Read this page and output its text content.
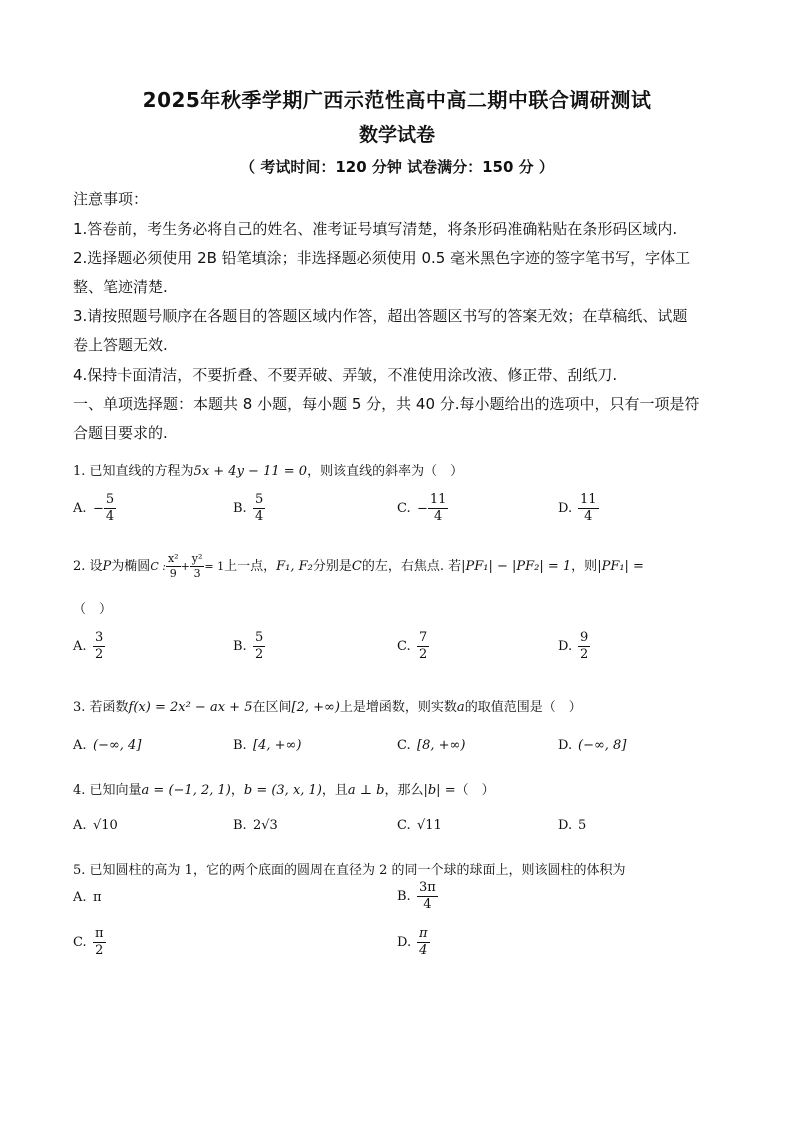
2025年秋季学期广西示范性高中高二期中联合调研测试
数学试卷
（ 考试时间：120 分钟 试卷满分：150 分 ）
注意事项：
1.答卷前，考生务必将自己的姓名、准考证号填写清楚，将条形码准确粘贴在条形码区域内.
2.选择题必须使用 2B 铅笔填涂；非选择题必须使用 0.5 毫米黑色字迹的签字笔书写，字体工
整、笔迹清楚.
3.请按照题号顺序在各题目的答题区域内作答，超出答题区书写的答案无效；在草稿纸、试题
卷上答题无效.
4.保持卡面清洁，不要折叠、不要弄破、弄皱，不准使用涂改液、修正带、刮纸刀.
一、单项选择题：本题共 8 小题，每小题 5 分，共 40 分.每小题给出的选项中，只有一项是符
合题目要求的.
1. 已知直线的方程为5x + 4y − 11 = 0，则该直线的斜率为（　）
A. − $\frac{5}{4}$	B. $\frac{5}{4}$	C. − $\frac{11}{4}$	D. $\frac{11}{4}$
2. 设P为椭圆C : $\frac{\text{x²}}{9} + \frac{\text{y²}}{3} = 1$上一点，F₁, F₂分别是C的左，右焦点. 若|PF₁| − |PF₂| = 1，则|PF₁| =
（　）
A. $\frac{3}{2}$	B. $\frac{5}{2}$	C. $\frac{7}{2}$	D. $\frac{9}{2}$
3. 若函数f(x) = 2x² − ax + 5在区间[2, +∞)上是增函数，则实数a的取值范围是（　）
A. (−∞, 4]	B. [4, +∞)	C. [8, +∞)	D. (−∞, 8]
4. 已知向量a = (−1, 2, 1)，b = (3, x, 1)，且a ⊥ b，那么|b| =（　）
A. √10	B. 2√3	C. √11	D. 5
5. 已知圆柱的高为 1，它的两个底面的圆周在直径为 2 的同一个球的球面上，则该圆柱的体积为
A. π	B. $\frac{3\pi}{4}$
C. $\frac{\pi}{2}$	D. $\frac{\pi}{4}$
